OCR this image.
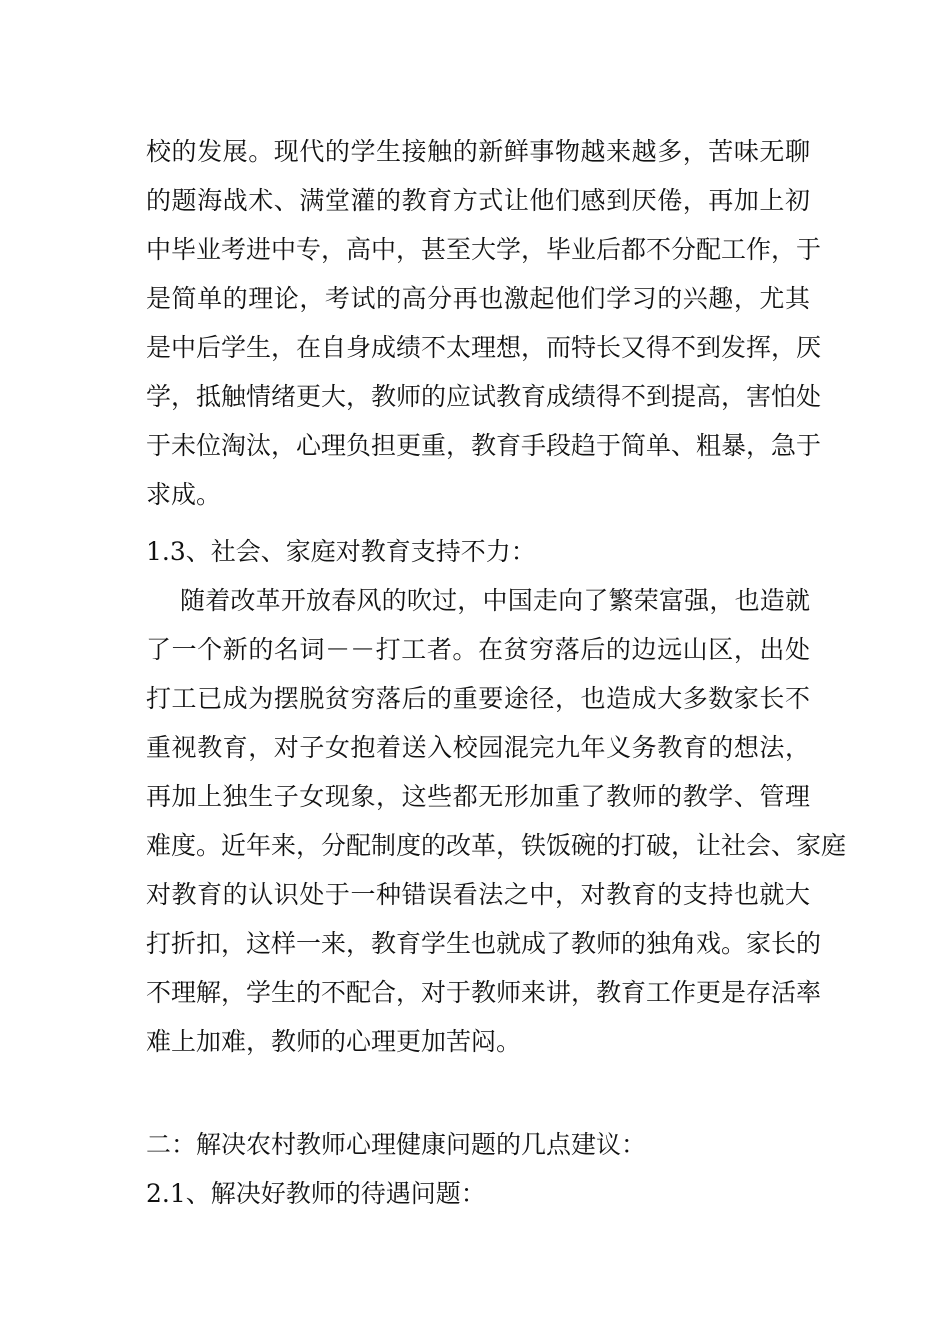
校的发展。现代的学生接触的新鲜事物越来越多，苦味无聊
的题海战术、满堂灌的教育方式让他们感到厌倦，再加上初
中毕业考进中专，高中，甚至大学，毕业后都不分配工作，于
是简单的理论，考试的高分再也激起他们学习的兴趣，尤其
是中后学生，在自身成绩不太理想，而特长又得不到发挥，厌
学，抵触情绪更大，教师的应试教育成绩得不到提高，害怕处
于未位淘汰，心理负担更重，教育手段趋于简单、粗暴，急于
求成。
1.3、社会、家庭对教育支持不力：
随着改革开放春风的吹过，中国走向了繁荣富强，也造就
了一个新的名词－－打工者。在贫穷落后的边远山区，出处
打工已成为摆脱贫穷落后的重要途径，也造成大多数家长不
重视教育，对子女抱着送入校园混完九年义务教育的想法，
再加上独生子女现象，这些都无形加重了教师的教学、管理
难度。近年来，分配制度的改革，铁饭碗的打破，让社会、家庭
对教育的认识处于一种错误看法之中，对教育的支持也就大
打折扣，这样一来，教育学生也就成了教师的独角戏。家长的
不理解，学生的不配合，对于教师来讲，教育工作更是存活率
难上加难，教师的心理更加苦闷。
二：解决农村教师心理健康问题的几点建议：
2.1、解决好教师的待遇问题：
